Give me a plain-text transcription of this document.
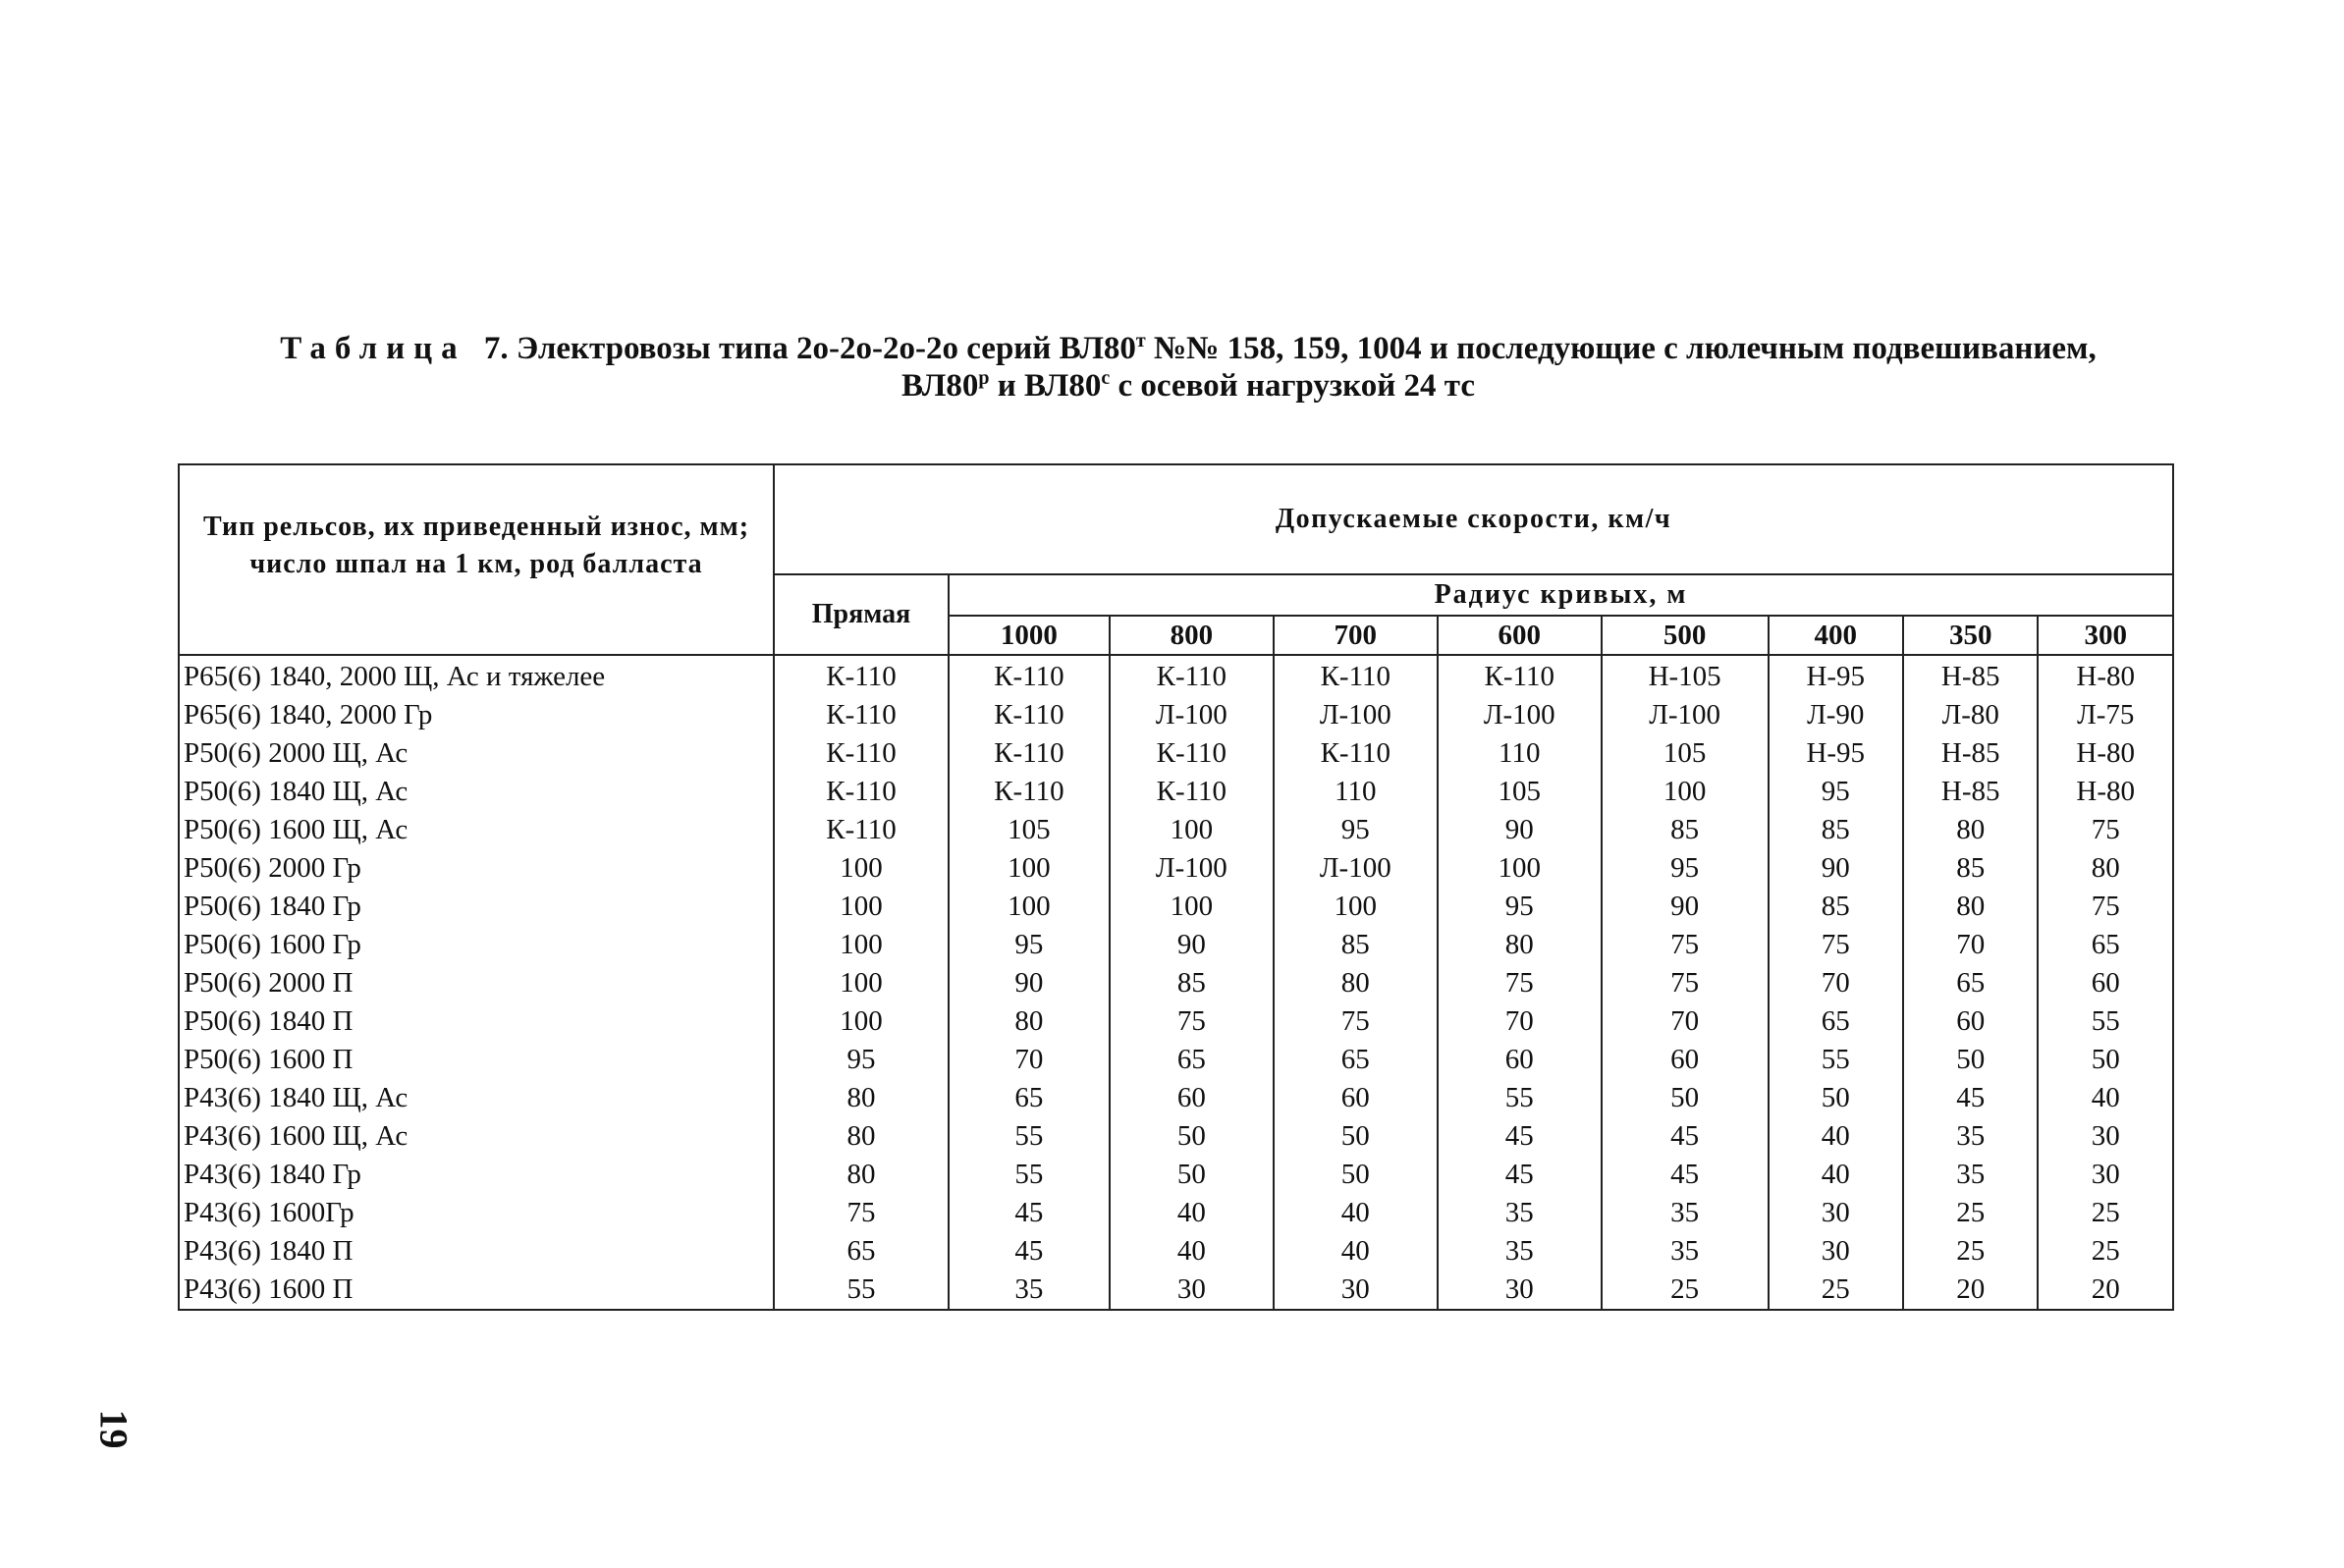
Таблица 7. Электровозы типа 2о-2о-2о-2о серий $ВЛ80^т$ №№ 158, 159, 1004 и последующие с люлечным подвешиванием,
$ВЛ80^р$ и $ВЛ80^с$ с осевой нагрузкой 24 тс
Тип рельсов, их приведенный износ, мм; число шпал на 1 км, род балласта	Допускаемые скорости, км/ч								
	Прямая	Радиус кривых, м							
		1000	800	700	600	500	400	350	300
Р65(6) 1840, 2000 Щ, Ас и тяжелее	К-110	К-110	К-110	К-110	К-110	Н-105	Н-95	Н-85	Н-80
Р65(6) 1840, 2000 Гр	К-110	К-110	Л-100	Л-100	Л-100	Л-100	Л-90	Л-80	Л-75
Р50(6) 2000 Щ, Ас	К-110	К-110	К-110	К-110	110	105	Н-95	Н-85	Н-80
Р50(6) 1840 Щ, Ас	К-110	К-110	К-110	110	105	100	95	Н-85	Н-80
Р50(6) 1600 Щ, Ас	К-110	105	100	95	90	85	85	80	75
Р50(6) 2000 Гр	100	100	Л-100	Л-100	100	95	90	85	80
Р50(6) 1840 Гр	100	100	100	100	95	90	85	80	75
Р50(6) 1600 Гр	100	95	90	85	80	75	75	70	65
Р50(6) 2000 П	100	90	85	80	75	75	70	65	60
Р50(6) 1840 П	100	80	75	75	70	70	65	60	55
Р50(6) 1600 П	95	70	65	65	60	60	55	50	50
Р43(6) 1840 Щ, Ас	80	65	60	60	55	50	50	45	40
Р43(6) 1600 Щ, Ас	80	55	50	50	45	45	40	35	30
Р43(6) 1840 Гр	80	55	50	50	45	45	40	35	30
Р43(6) 1600Гр	75	45	40	40	35	35	30	25	25
Р43(6) 1840 П	65	45	40	40	35	35	30	25	25
Р43(6) 1600 П	55	35	30	30	30	25	25	20	20
19
